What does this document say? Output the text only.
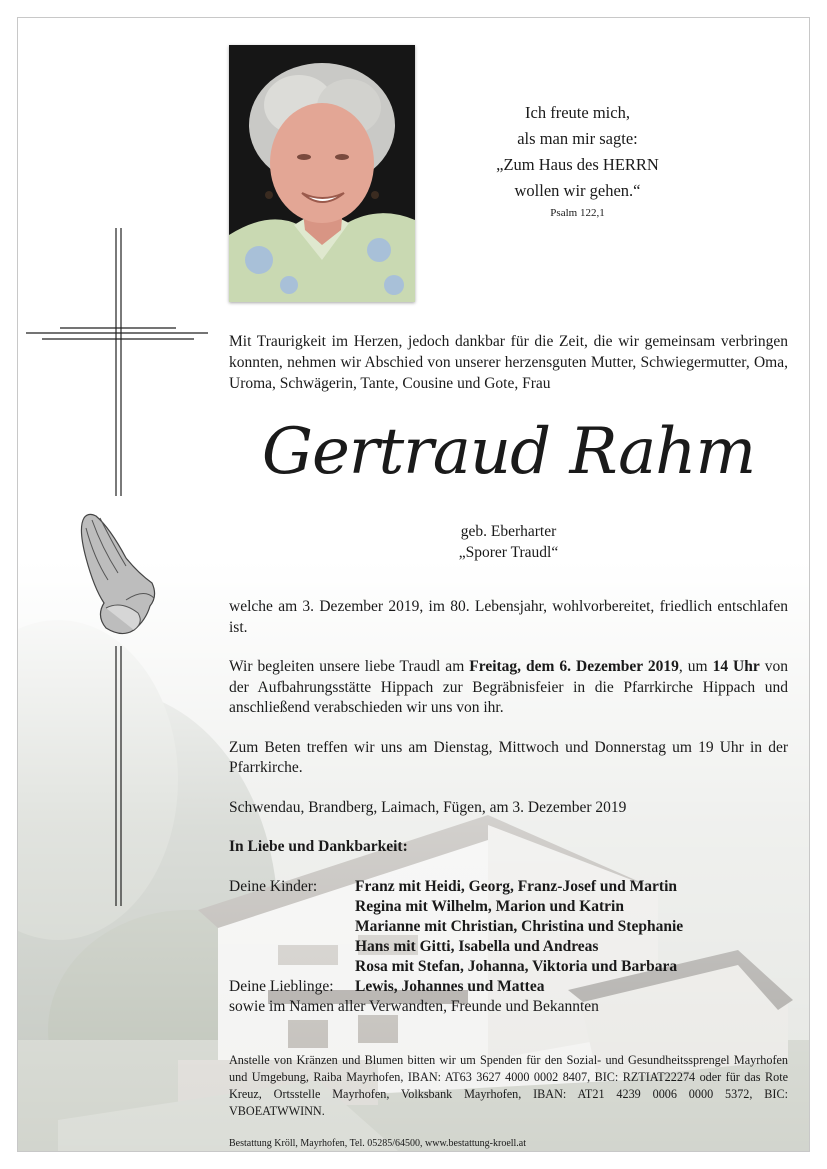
Ich freute mich,
als man mir sagte:
„Zum Haus des HERRN
wollen wir gehen.“
Psalm 122,1
Mit Traurigkeit im Herzen, jedoch dankbar für die Zeit, die wir gemeinsam verbringen konnten, nehmen wir Abschied von unserer herzensguten Mutter, Schwiegermutter, Oma, Uroma, Schwägerin, Tante, Cousine und Gote, Frau
Gertraud Rahm
geb. Eberharter
„Sporer Traudl“

welche am 3. Dezember 2019, im 80. Lebensjahr, wohlvorbereitet, friedlich entschlafen ist.

Wir begleiten unsere liebe Traudl am Freitag, dem 6. Dezember 2019, um 14 Uhr von der Aufbahrungsstätte Hippach zur Begräbnisfeier in die Pfarrkirche Hippach und anschließend verabschieden wir uns von ihr.

Zum Beten treffen wir uns am Dienstag, Mittwoch und Donnerstag um 19 Uhr in der Pfarrkirche.

Schwendau, Brandberg, Laimach, Fügen, am 3. Dezember 2019

In Liebe und Dankbarkeit:

Deine Kinder:	Franz mit Heidi, Georg, Franz-Josef und Martin
	Regina mit Wilhelm, Marion und Katrin
	Marianne mit Christian, Christina und Stephanie
	Hans mit Gitti, Isabella und Andreas
	Rosa mit Stefan, Johanna, Viktoria und Barbara
Deine Lieblinge:	Lewis, Johannes und Mattea
sowie im Namen aller Verwandten, Freunde und Bekannten	
Anstelle von Kränzen und Blumen bitten wir um Spenden für den Sozial- und Gesundheitssprengel Mayrhofen und Umgebung, Raiba Mayrhofen, IBAN: AT63 3627 4000 0002 8407, BIC: RZTIAT22274 oder für das Rote Kreuz, Ortsstelle Mayrhofen, Volksbank Mayrhofen, IBAN: AT21 4239 0006 0000 5372, BIC: VBOEATWWINN.
Bestattung Kröll, Mayrhofen, Tel. 05285/64500, www.bestattung-kroell.at
